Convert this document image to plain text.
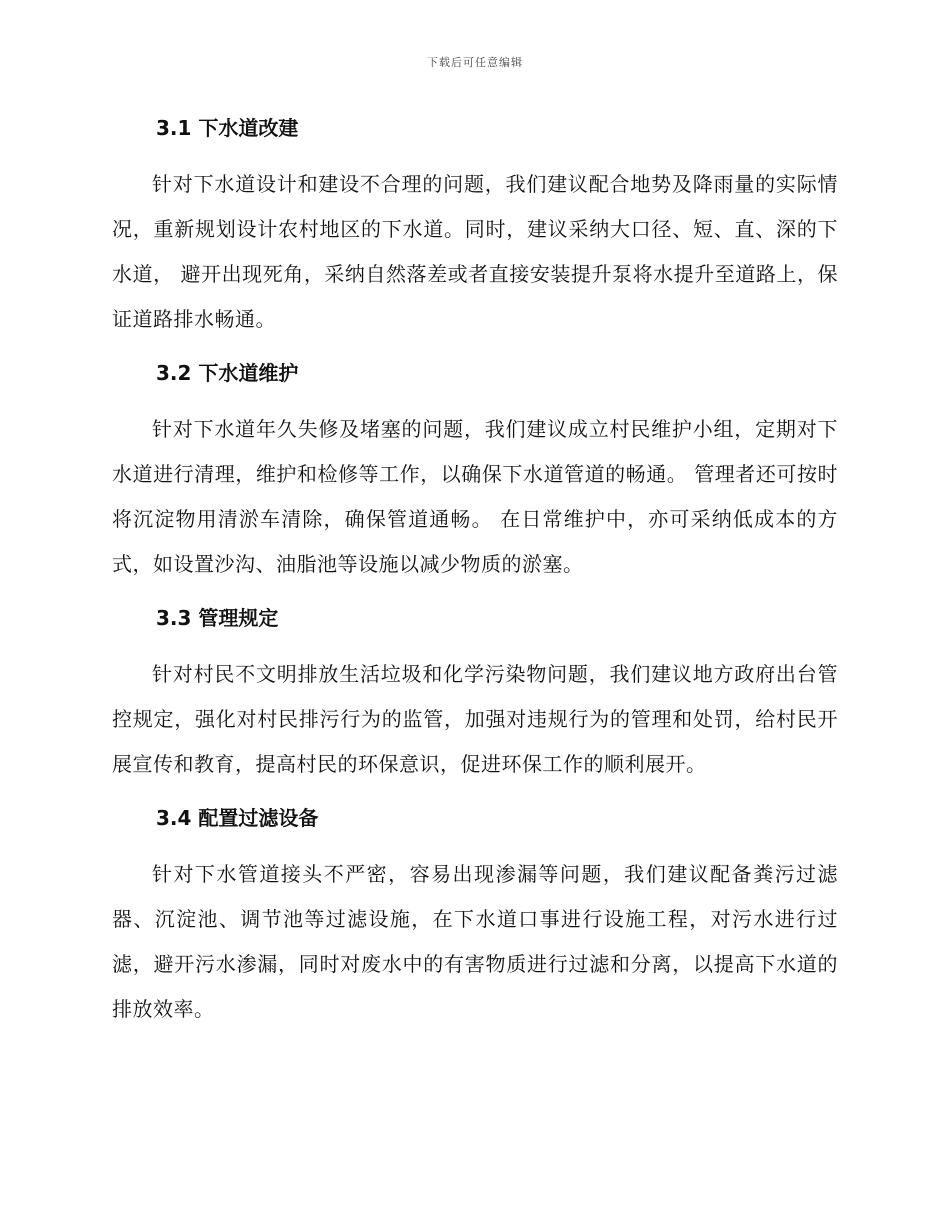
下载后可任意编辑
3.1 下水道改建

针对下水道设计和建设不合理的问题，我们建议配合地势及降雨量的实际情况，重新规划设计农村地区的下水道。同时，建议采纳大口径、短、直、深的下水道， 避开出现死角，采纳自然落差或者直接安装提升泵将水提升至道路上，保证道路排水畅通。

3.2 下水道维护

针对下水道年久失修及堵塞的问题，我们建议成立村民维护小组，定期对下水道进行清理，维护和检修等工作，以确保下水道管道的畅通。 管理者还可按时将沉淀物用清淤车清除，确保管道通畅。 在日常维护中，亦可采纳低成本的方式，如设置沙沟、油脂池等设施以减少物质的淤塞。

3.3 管理规定

针对村民不文明排放生活垃圾和化学污染物问题，我们建议地方政府出台管控规定，强化对村民排污行为的监管，加强对违规行为的管理和处罚，给村民开展宣传和教育，提高村民的环保意识，促进环保工作的顺利展开。

3.4 配置过滤设备

针对下水管道接头不严密，容易出现渗漏等问题，我们建议配备粪污过滤器、沉淀池、调节池等过滤设施，在下水道口事进行设施工程，对污水进行过滤，避开污水渗漏，同时对废水中的有害物质进行过滤和分离，以提高下水道的排放效率。
